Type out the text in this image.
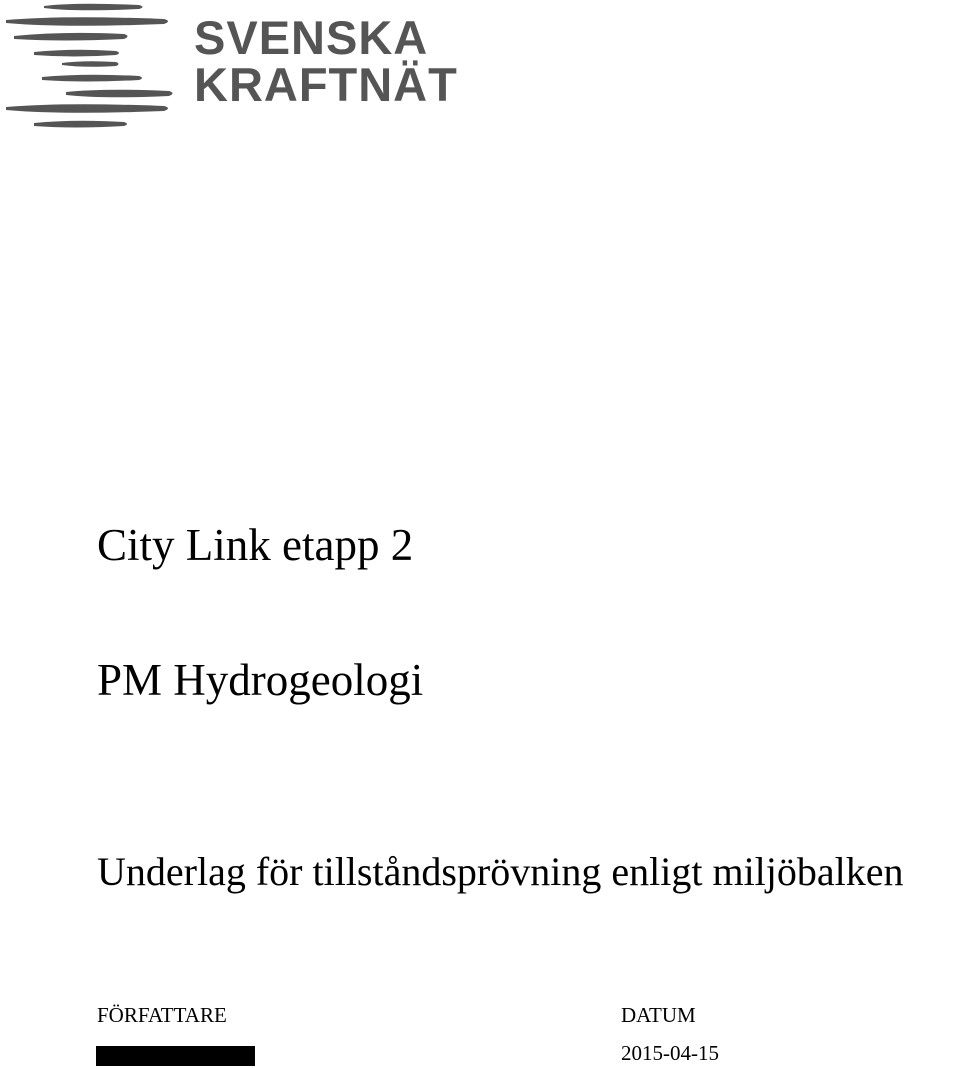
SVENSKA
KRAFTNÄT
City Link etapp 2
PM Hydrogeologi
Underlag för tillståndsprövning enligt miljöbalken
FÖRFATTARE	DATUM
2015-04-15
